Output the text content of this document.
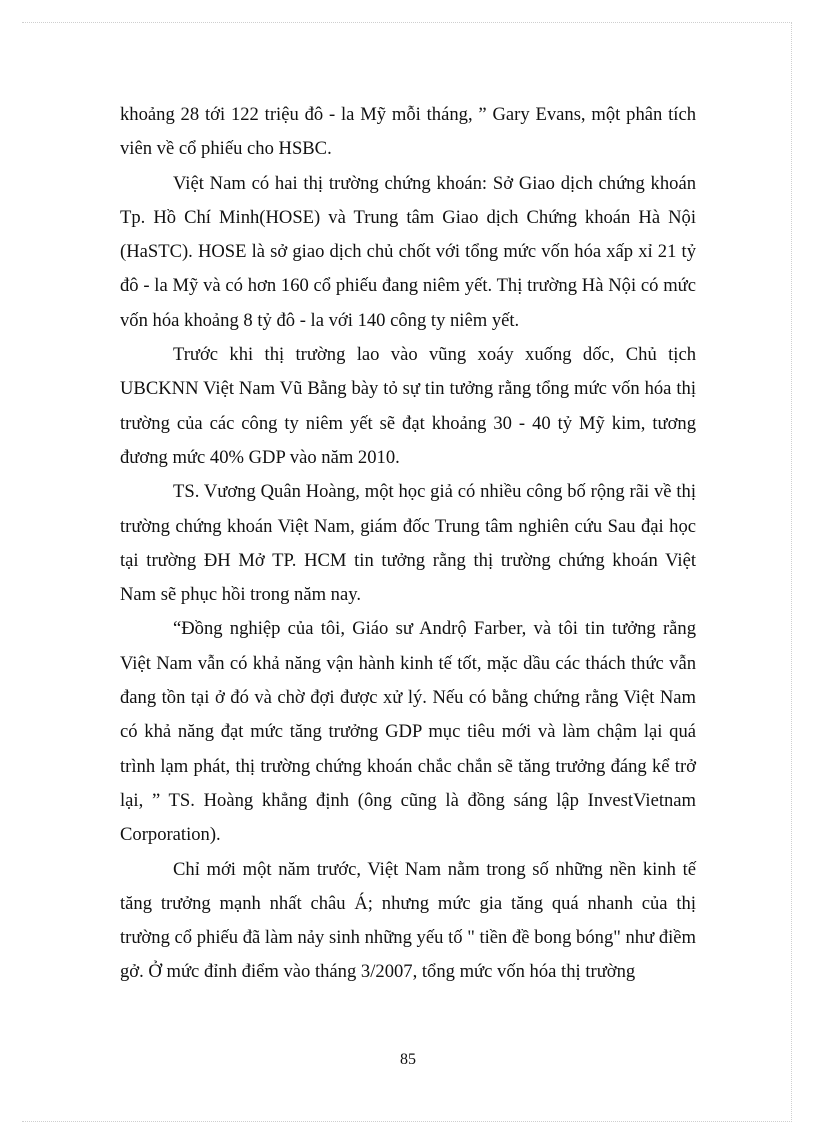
khoảng 28 tới 122 triệu đô - la Mỹ mỗi tháng, ” Gary Evans, một phân tích viên về cổ phiếu cho HSBC.

Việt Nam có hai thị trường chứng khoán: Sở Giao dịch chứng khoán Tp. Hồ Chí Minh(HOSE) và Trung tâm Giao dịch Chứng khoán Hà Nội (HaSTC). HOSE là sở giao dịch chủ chốt với tổng mức vốn hóa xấp xỉ 21 tỷ đô - la Mỹ và có hơn 160 cổ phiếu đang niêm yết. Thị trường Hà Nội có mức vốn hóa khoảng 8 tỷ đô - la với 140 công ty niêm yết.

Trước khi thị trường lao vào vũng xoáy xuống dốc, Chủ tịch UBCKNN Việt Nam Vũ Bằng bày tỏ sự tin tưởng rằng tổng mức vốn hóa thị trường của các công ty niêm yết sẽ đạt khoảng 30 - 40 tỷ Mỹ kim, tương đương mức 40% GDP vào năm 2010.

TS. Vương Quân Hoàng, một học giả có nhiều công bố rộng rãi về thị trường chứng khoán Việt Nam, giám đốc Trung tâm nghiên cứu Sau đại học tại trường ĐH Mở TP. HCM tin tưởng rằng thị trường chứng khoán Việt Nam sẽ phục hồi trong năm nay.

“Đồng nghiệp của tôi, Giáo sư Andrộ Farber, và tôi tin tưởng rằng Việt Nam vẫn có khả năng vận hành kinh tế tốt, mặc dầu các thách thức vẫn đang tồn tại ở đó và chờ đợi được xử lý. Nếu có bằng chứng rằng Việt Nam có khả năng đạt mức tăng trưởng GDP mục tiêu mới và làm chậm lại quá trình lạm phát, thị trường chứng khoán chắc chắn sẽ tăng trưởng đáng kể trở lại, ” TS. Hoàng khẳng định (ông cũng là đồng sáng lập InvestVietnam Corporation).

Chỉ mới một năm trước, Việt Nam nằm trong số những nền kinh tế tăng trưởng mạnh nhất châu Á; nhưng mức gia tăng quá nhanh của thị trường cổ phiếu đã làm nảy sinh những yếu tố " tiền đề bong bóng" như điềm gở. Ở mức đỉnh điểm vào tháng 3/2007, tổng mức vốn hóa thị trường

85
